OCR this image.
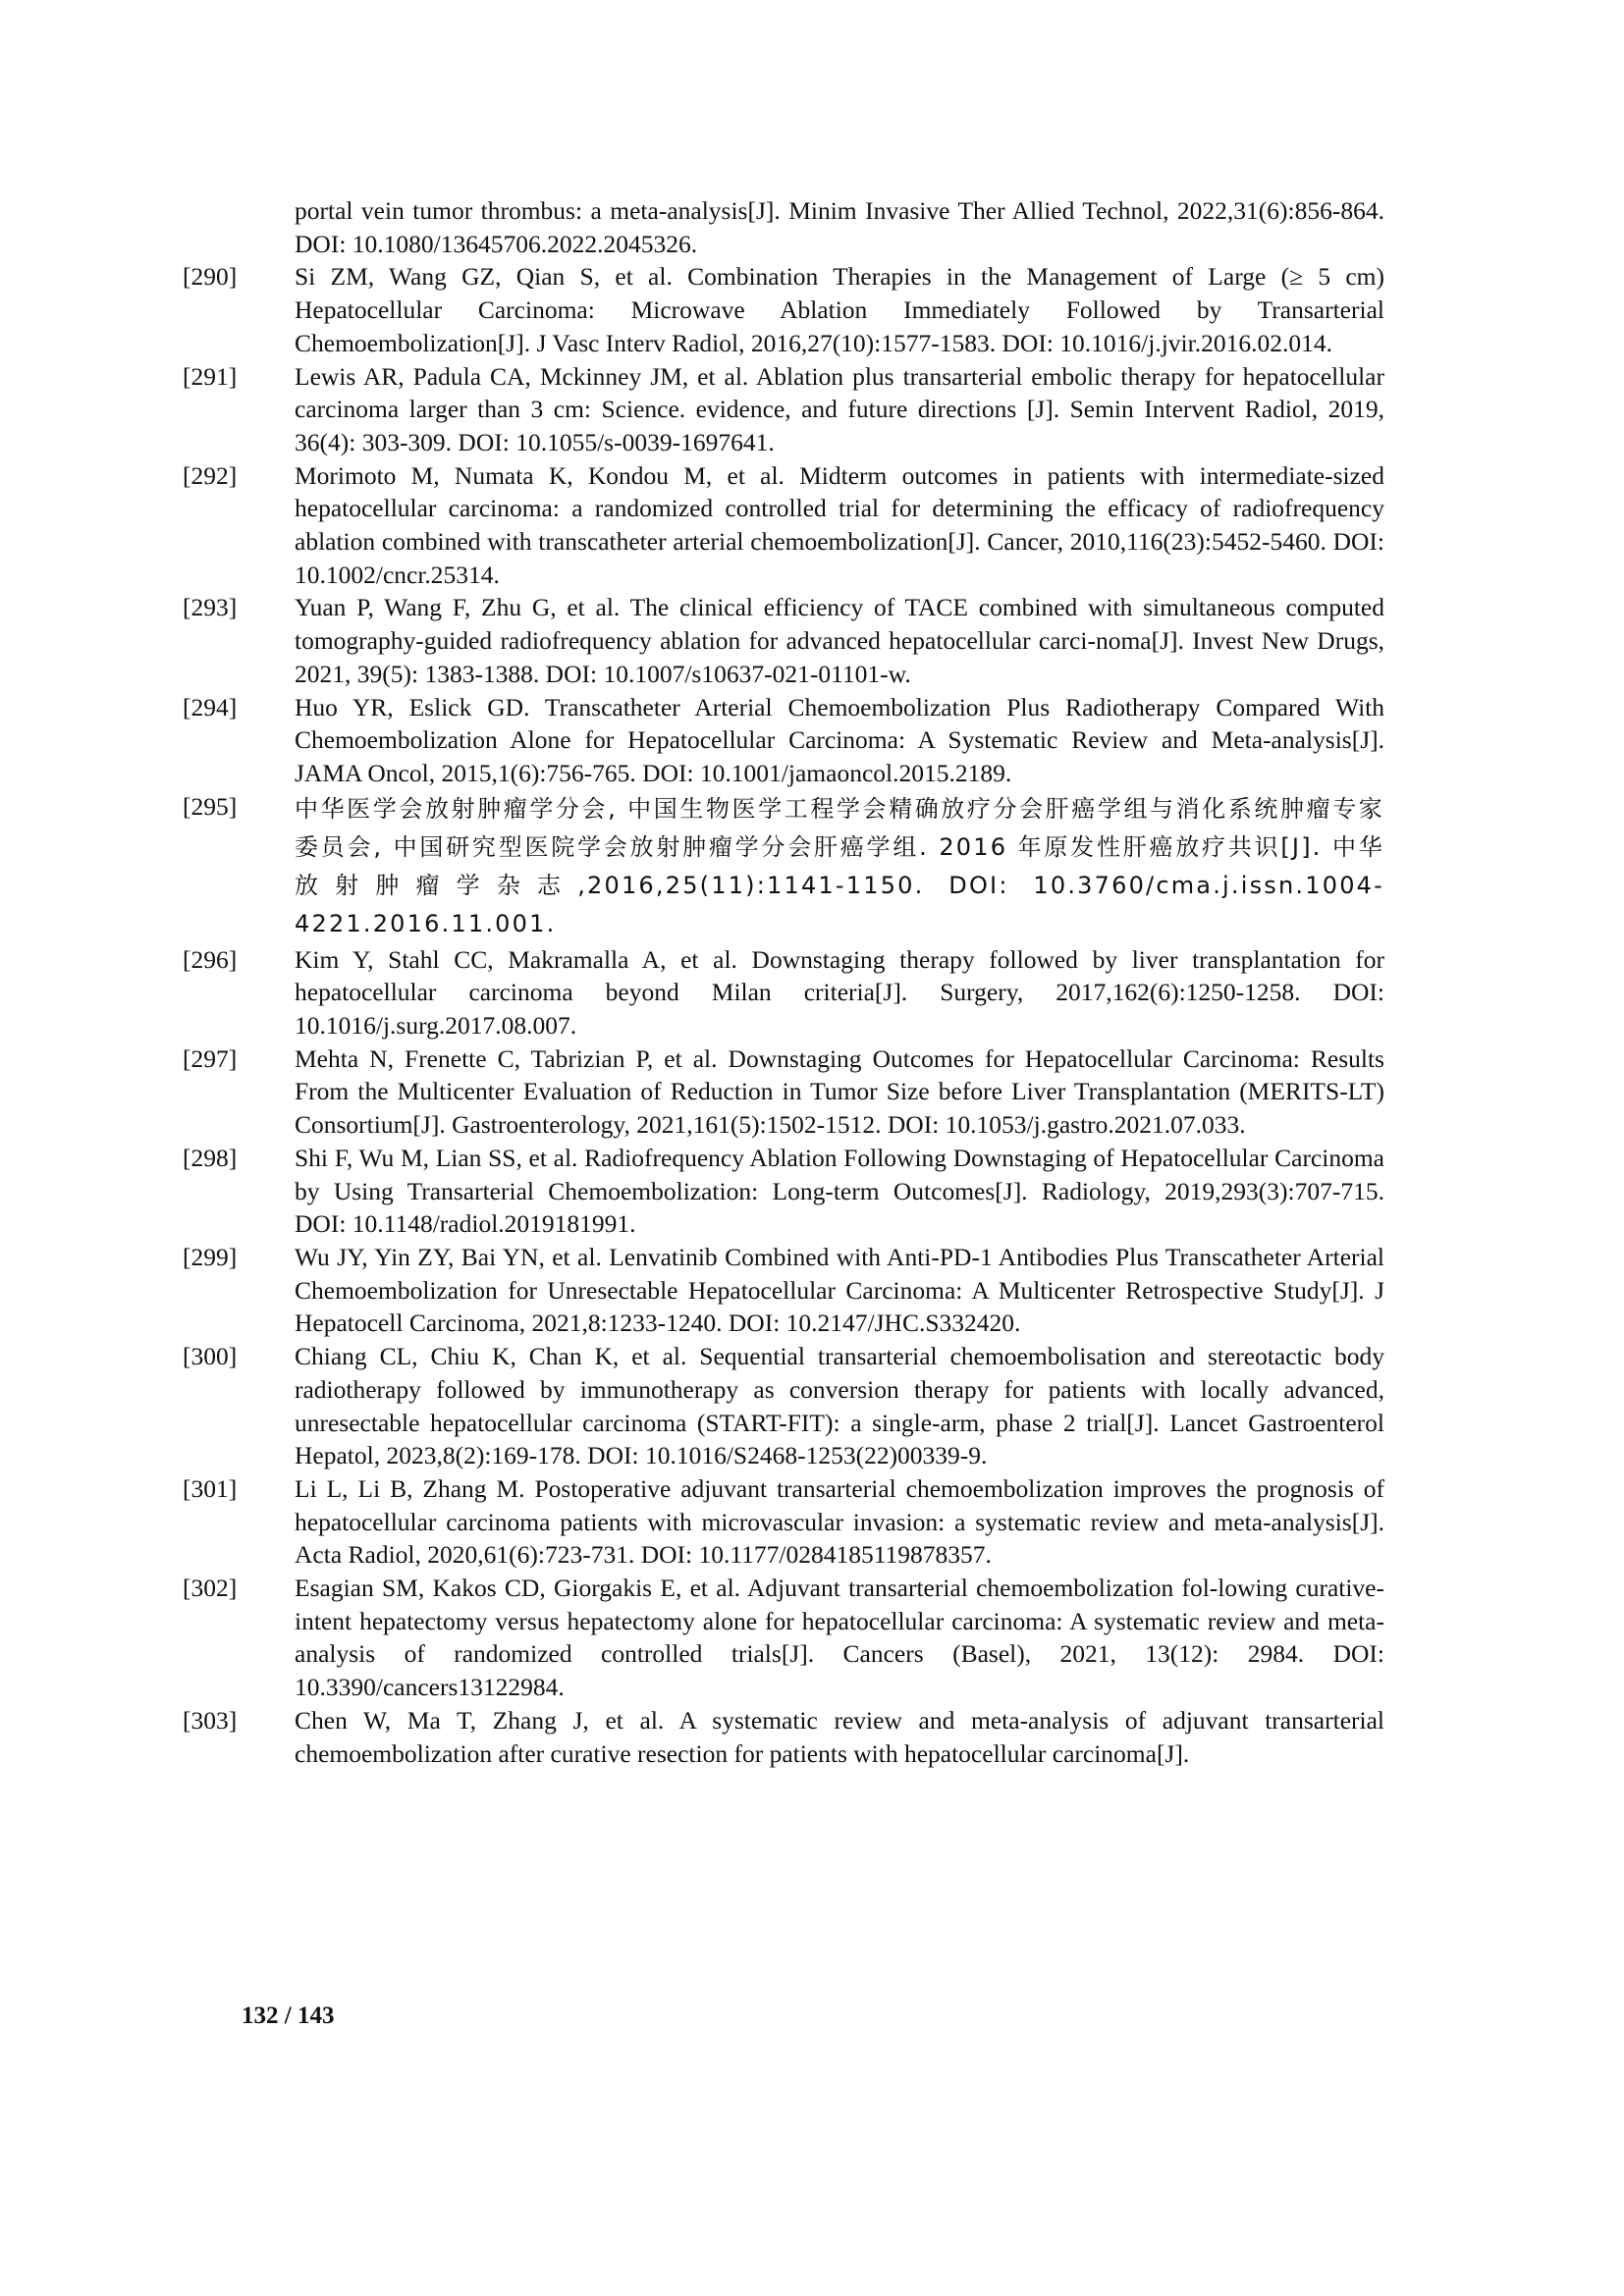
portal vein tumor thrombus: a meta-analysis[J]. Minim Invasive Ther Allied Technol, 2022,31(6):856-864. DOI: 10.1080/13645706.2022.2045326.
[290]	Si ZM, Wang GZ, Qian S, et al. Combination Therapies in the Management of Large (≥ 5 cm) Hepatocellular Carcinoma: Microwave Ablation Immediately Followed by Transarterial Chemoembolization[J]. J Vasc Interv Radiol, 2016,27(10):1577-1583. DOI: 10.1016/j.jvir.2016.02.014.
[291]	Lewis AR, Padula CA, Mckinney JM, et al. Ablation plus transarterial embolic therapy for hepatocellular carcinoma larger than 3 cm: Science. evidence, and future directions [J]. Semin Intervent Radiol, 2019, 36(4): 303-309. DOI: 10.1055/s-0039-1697641.
[292]	Morimoto M, Numata K, Kondou M, et al. Midterm outcomes in patients with intermediate-sized hepatocellular carcinoma: a randomized controlled trial for determining the efficacy of radiofrequency ablation combined with transcatheter arterial chemoembolization[J]. Cancer, 2010,116(23):5452-5460. DOI: 10.1002/cncr.25314.
[293]	Yuan P, Wang F, Zhu G, et al. The clinical efficiency of TACE combined with simultaneous computed tomography-guided radiofrequency ablation for advanced hepatocellular carci-noma[J]. Invest New Drugs, 2021, 39(5): 1383-1388. DOI: 10.1007/s10637-021-01101-w.
[294]	Huo YR, Eslick GD. Transcatheter Arterial Chemoembolization Plus Radiotherapy Compared With Chemoembolization Alone for Hepatocellular Carcinoma: A Systematic Review and Meta-analysis[J]. JAMA Oncol, 2015,1(6):756-765. DOI: 10.1001/jamaoncol.2015.2189.
[295]	中华医学会放射肿瘤学分会, 中国生物医学工程学会精确放疗分会肝癌学组与消化系统肿瘤专家委员会, 中国研究型医院学会放射肿瘤学分会肝癌学组. 2016 年原发性肝癌放疗共识[J]. 中华放射肿瘤学杂志,2016,25(11):1141-1150. DOI: 10.3760/cma.j.issn.1004-4221.2016.11.001.
[296]	Kim Y, Stahl CC, Makramalla A, et al. Downstaging therapy followed by liver transplantation for hepatocellular carcinoma beyond Milan criteria[J]. Surgery, 2017,162(6):1250-1258. DOI: 10.1016/j.surg.2017.08.007.
[297]	Mehta N, Frenette C, Tabrizian P, et al. Downstaging Outcomes for Hepatocellular Carcinoma: Results From the Multicenter Evaluation of Reduction in Tumor Size before Liver Transplantation (MERITS-LT) Consortium[J]. Gastroenterology, 2021,161(5):1502-1512. DOI: 10.1053/j.gastro.2021.07.033.
[298]	Shi F, Wu M, Lian SS, et al. Radiofrequency Ablation Following Downstaging of Hepatocellular Carcinoma by Using Transarterial Chemoembolization: Long-term Outcomes[J]. Radiology, 2019,293(3):707-715. DOI: 10.1148/radiol.2019181991.
[299]	Wu JY, Yin ZY, Bai YN, et al. Lenvatinib Combined with Anti-PD-1 Antibodies Plus Transcatheter Arterial Chemoembolization for Unresectable Hepatocellular Carcinoma: A Multicenter Retrospective Study[J]. J Hepatocell Carcinoma, 2021,8:1233-1240. DOI: 10.2147/JHC.S332420.
[300]	Chiang CL, Chiu K, Chan K, et al. Sequential transarterial chemoembolisation and stereotactic body radiotherapy followed by immunotherapy as conversion therapy for patients with locally advanced, unresectable hepatocellular carcinoma (START-FIT): a single-arm, phase 2 trial[J]. Lancet Gastroenterol Hepatol, 2023,8(2):169-178. DOI: 10.1016/S2468-1253(22)00339-9.
[301]	Li L, Li B, Zhang M. Postoperative adjuvant transarterial chemoembolization improves the prognosis of hepatocellular carcinoma patients with microvascular invasion: a systematic review and meta-analysis[J]. Acta Radiol, 2020,61(6):723-731. DOI: 10.1177/0284185119878357.
[302]	Esagian SM, Kakos CD, Giorgakis E, et al. Adjuvant transarterial chemoembolization fol-lowing curative-intent hepatectomy versus hepatectomy alone for hepatocellular carcinoma: A systematic review and meta-analysis of randomized controlled trials[J]. Cancers (Basel), 2021, 13(12): 2984. DOI: 10.3390/cancers13122984.
[303]	Chen W, Ma T, Zhang J, et al. A systematic review and meta-analysis of adjuvant transarterial chemoembolization after curative resection for patients with hepatocellular carcinoma[J].
132 / 143
